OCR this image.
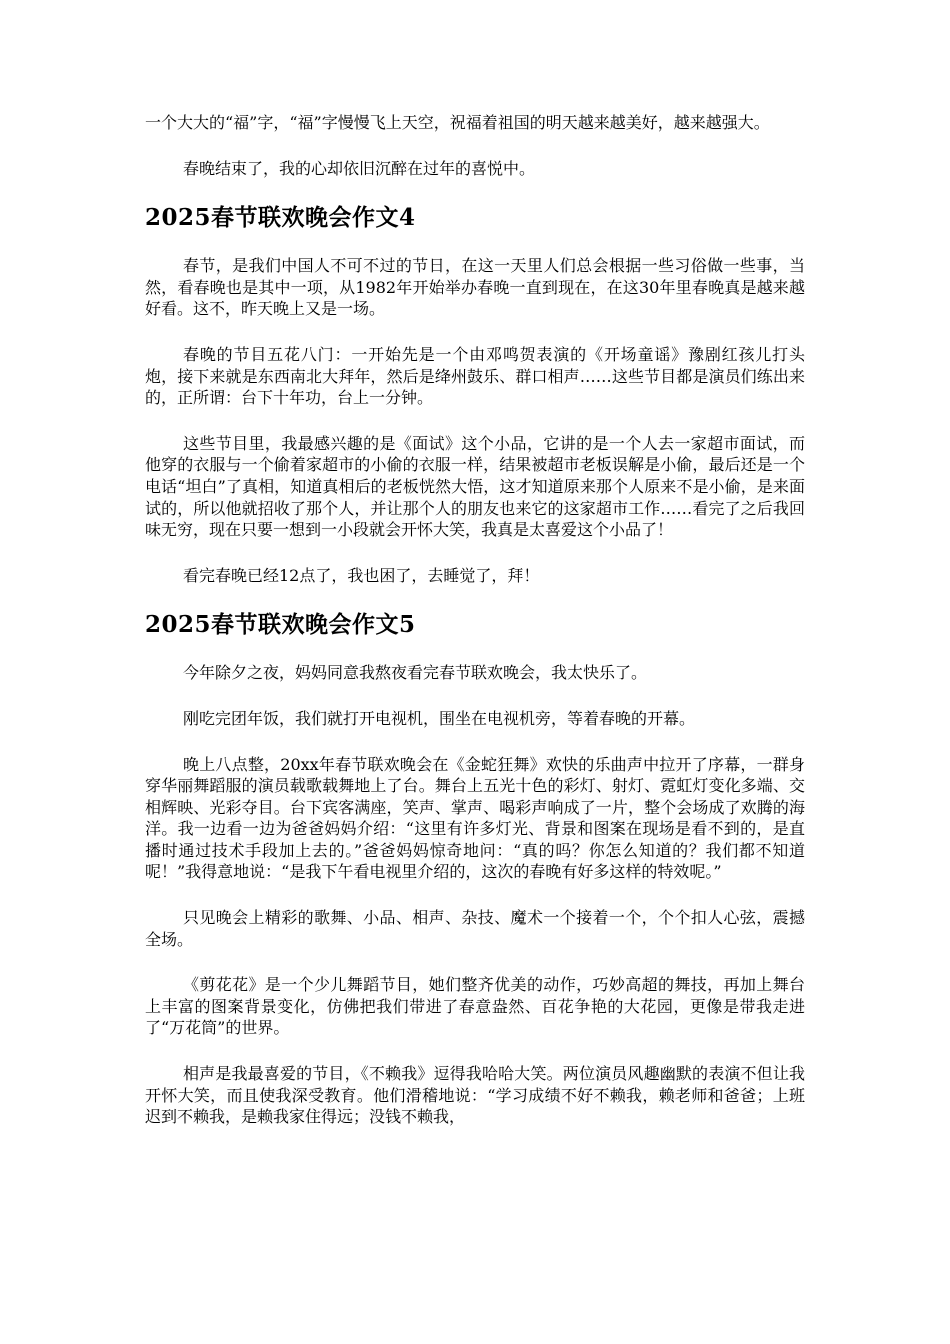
一个大大的“福”字，“福”字慢慢飞上天空，祝福着祖国的明天越来越美好，越来越强大。

春晚结束了，我的心却依旧沉醉在过年的喜悦中。

2025春节联欢晚会作文4

春节，是我们中国人不可不过的节日，在这一天里人们总会根据一些习俗做一些事，当然，看春晚也是其中一项，从1982年开始举办春晚一直到现在，在这30年里春晚真是越来越好看。这不，昨天晚上又是一场。

春晚的节目五花八门：一开始先是一个由邓鸣贺表演的《开场童谣》豫剧红孩儿打头炮，接下来就是东西南北大拜年，然后是绛州鼓乐、群口相声……这些节目都是演员们练出来的，正所谓：台下十年功，台上一分钟。

这些节目里，我最感兴趣的是《面试》这个小品，它讲的是一个人去一家超市面试，而他穿的衣服与一个偷着家超市的小偷的衣服一样，结果被超市老板误解是小偷，最后还是一个电话“坦白”了真相，知道真相后的老板恍然大悟，这才知道原来那个人原来不是小偷，是来面试的，所以他就招收了那个人，并让那个人的朋友也来它的这家超市工作……看完了之后我回味无穷，现在只要一想到一小段就会开怀大笑，我真是太喜爱这个小品了！

看完春晚已经12点了，我也困了，去睡觉了，拜！

2025春节联欢晚会作文5

今年除夕之夜，妈妈同意我熬夜看完春节联欢晚会，我太快乐了。

刚吃完团年饭，我们就打开电视机，围坐在电视机旁，等着春晚的开幕。

晚上八点整，20xx年春节联欢晚会在《金蛇狂舞》欢快的乐曲声中拉开了序幕，一群身穿华丽舞蹈服的演员载歌载舞地上了台。舞台上五光十色的彩灯、射灯、霓虹灯变化多端、交相辉映、光彩夺目。台下宾客满座，笑声、掌声、喝彩声响成了一片，整个会场成了欢腾的海洋。我一边看一边为爸爸妈妈介绍：“这里有许多灯光、背景和图案在现场是看不到的，是直播时通过技术手段加上去的。”爸爸妈妈惊奇地问：“真的吗？你怎么知道的？我们都不知道呢！”我得意地说：“是我下午看电视里介绍的，这次的春晚有好多这样的特效呢。”

只见晚会上精彩的歌舞、小品、相声、杂技、魔术一个接着一个，个个扣人心弦，震撼全场。

《剪花花》是一个少儿舞蹈节目，她们整齐优美的动作，巧妙高超的舞技，再加上舞台上丰富的图案背景变化，仿佛把我们带进了春意盎然、百花争艳的大花园，更像是带我走进了“万花筒”的世界。

相声是我最喜爱的节目，《不赖我》逗得我哈哈大笑。两位演员风趣幽默的表演不但让我开怀大笑，而且使我深受教育。他们滑稽地说：“学习成绩不好不赖我，赖老师和爸爸；上班迟到不赖我，是赖我家住得远；没钱不赖我，
